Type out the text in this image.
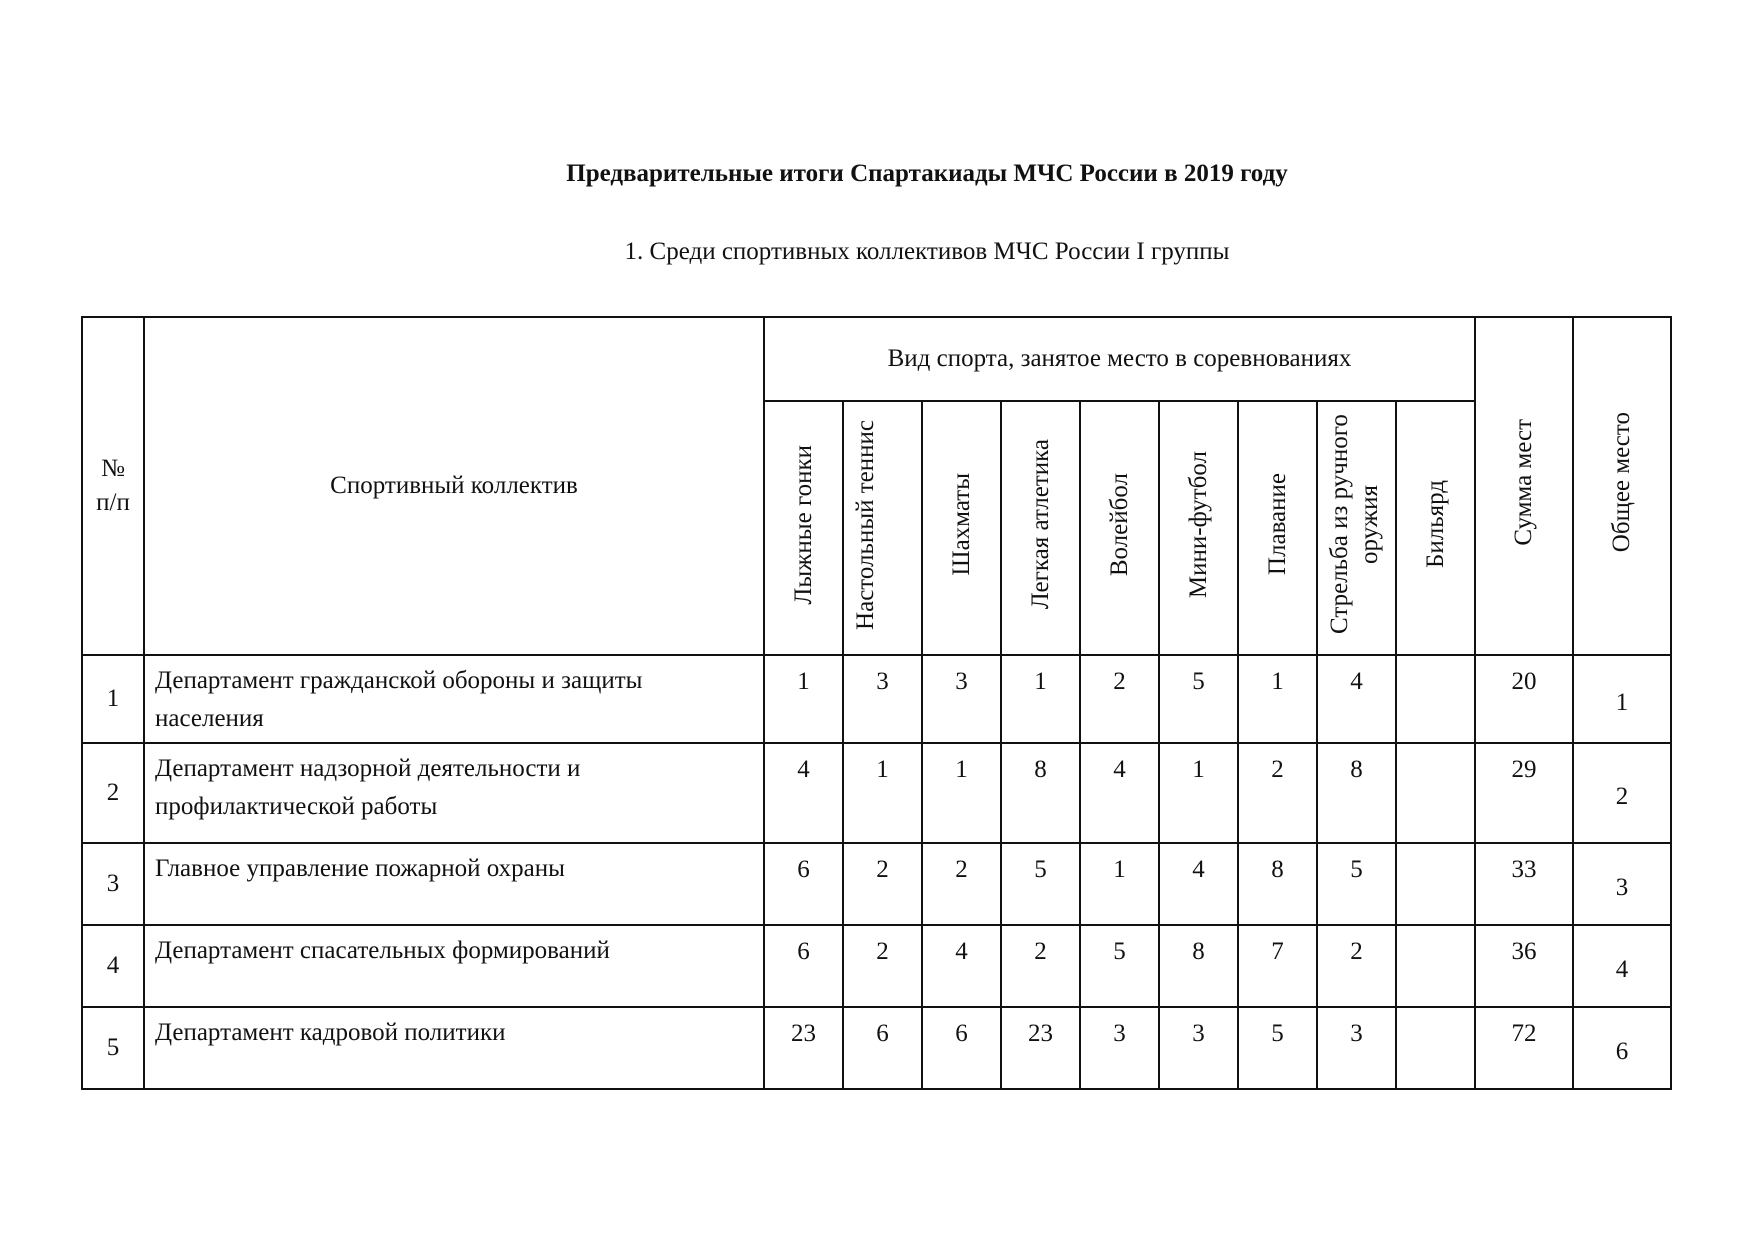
Предварительные итоги Спартакиады МЧС России в 2019 году
1. Среди спортивных коллективов МЧС России I группы
№ п/п	Спортивный коллектив	Вид спорта, занятое место в соревнованиях									Сумма мест	Общее место
		Лыжные гонки	Настольный теннис	Шахматы	Легкая атлетика	Волейбол	Мини-футбол	Плавание	Стрельба из ручного оружия	Бильярд		
1	Департамент гражданской обороны и защиты населения	1	3	3	1	2	5	1	4		20	1
2	Департамент надзорной деятельности и профилактической работы	4	1	1	8	4	1	2	8		29	2
3	Главное управление пожарной охраны	6	2	2	5	1	4	8	5		33	3
4	Департамент спасательных формирований	6	2	4	2	5	8	7	2		36	4
5	Департамент кадровой политики	23	6	6	23	3	3	5	3		72	6
